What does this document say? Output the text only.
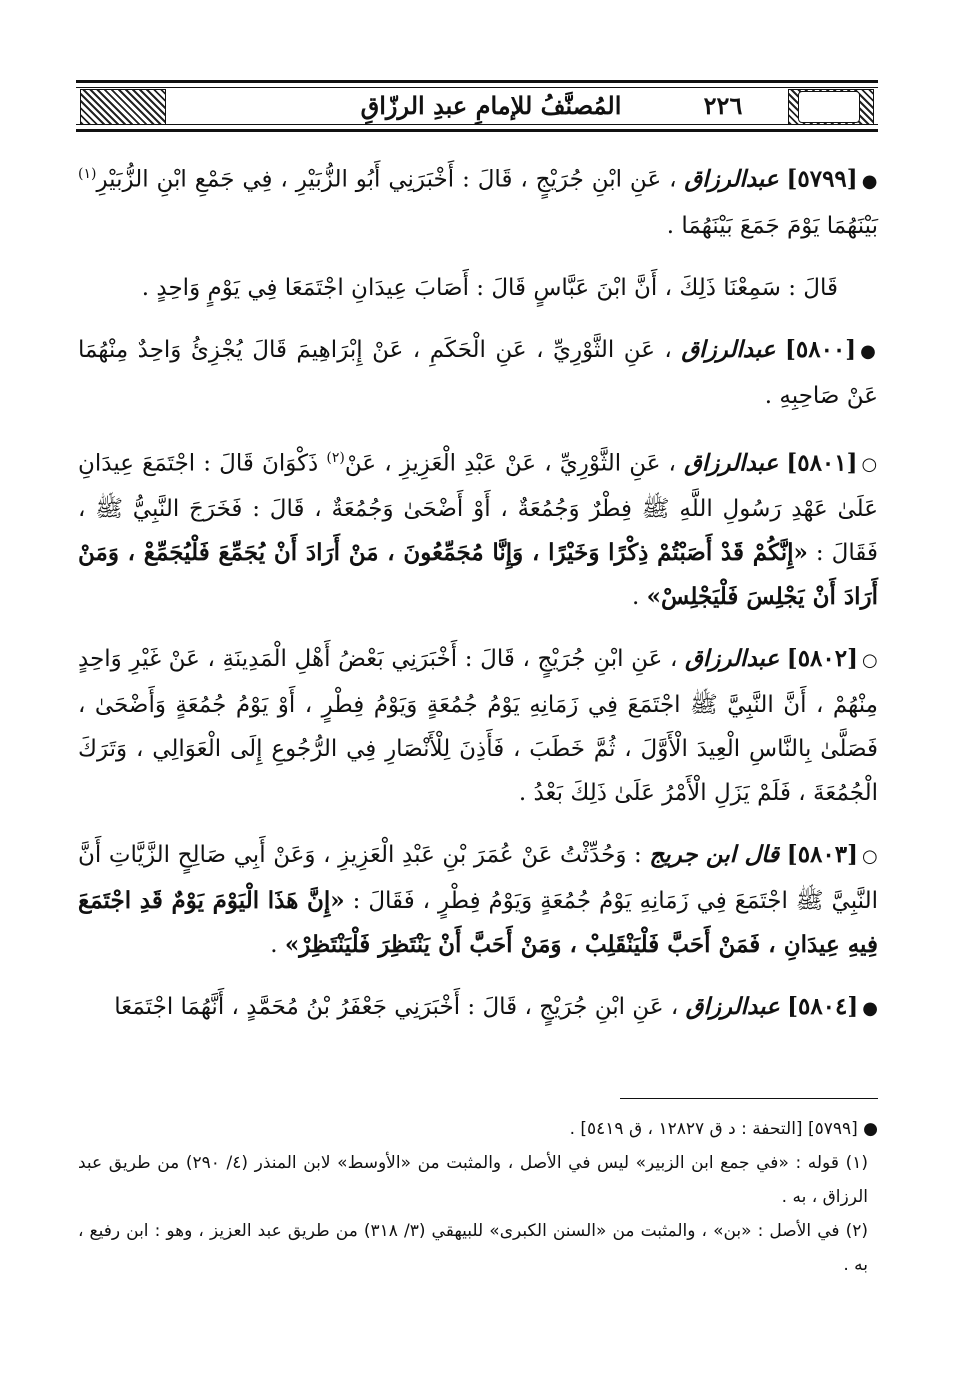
٢٢٦
المُصنَّفُ للإمامِ عبدِ الرزّاقِ

●[٥٧٩٩] عبدالرزاق ، عَنِ ابْنِ جُرَيْجٍ ، قَالَ : أَخْبَرَنِي أَبُو الزُّبَيْرِ ، فِي جَمْعِ ابْنِ الزُّبَيْرِ$^{(١)}$ بَيْنَهُمَا يَوْمَ جَمَعَ بَيْنَهُمَا .

قَالَ : سَمِعْنَا ذَلِكَ ، أَنَّ ابْنَ عَبَّاسٍ قَالَ : أَصَابَ عِيدَانِ اجْتَمَعَا فِي يَوْمٍ وَاحِدٍ .

●[٥٨٠٠] عبدالرزاق ، عَنِ الثَّوْرِيِّ ، عَنِ الْحَكَمِ ، عَنْ إِبْرَاهِيمَ قَالَ يُجْزِئُ وَاحِدٌ مِنْهُمَا عَنْ صَاحِبِهِ .

○[٥٨٠١] عبدالرزاق ، عَنِ الثَّوْرِيِّ ، عَنْ عَبْدِ الْعَزِيزِ ، عَنْ$^{(٢)}$ ذَكْوَانَ قَالَ : اجْتَمَعَ عِيدَانِ عَلَىٰ عَهْدِ رَسُولِ اللَّهِ ﷺ فِطْرٌ وَجُمُعَةٌ ، أَوْ أَضْحَىٰ وَجُمُعَةٌ ، قَالَ : فَخَرَجَ النَّبِيُّ ﷺ ، فَقَالَ : «إِنَّكُمْ قَدْ أَصَبْتُمْ ذِكْرًا وَخَيْرًا ، وَإِنَّا مُجَمِّعُونَ ، مَنْ أَرَادَ أَنْ يُجَمِّعَ فَلْيُجَمِّعْ ، وَمَنْ أَرَادَ أَنْ يَجْلِسَ فَلْيَجْلِسْ» .

○[٥٨٠٢] عبدالرزاق ، عَنِ ابْنِ جُرَيْجٍ ، قَالَ : أَخْبَرَنِي بَعْضُ أَهْلِ الْمَدِينَةِ ، عَنْ غَيْرِ وَاحِدٍ مِنْهُمْ ، أَنَّ النَّبِيَّ ﷺ اجْتَمَعَ فِي زَمَانِهِ يَوْمُ جُمُعَةٍ وَيَوْمُ فِطْرٍ ، أَوْ يَوْمُ جُمُعَةٍ وَأَضْحَىٰ ، فَصَلَّىٰ بِالنَّاسِ الْعِيدَ الْأَوَّلَ ، ثُمَّ خَطَبَ ، فَأَذِنَ لِلْأَنْصَارِ فِي الرُّجُوعِ إِلَى الْعَوَالِي ، وَتَرَكَ الْجُمُعَةَ ، فَلَمْ يَزَلِ الْأَمْرُ عَلَىٰ ذَلِكَ بَعْدُ .

○[٥٨٠٣] قال ابن جريج : وَحُدِّثْتُ عَنْ عُمَرَ بْنِ عَبْدِ الْعَزِيزِ ، وَعَنْ أَبِي صَالِحٍ الزَّيَّاتِ أَنَّ النَّبِيَّ ﷺ اجْتَمَعَ فِي زَمَانِهِ يَوْمُ جُمُعَةٍ وَيَوْمُ فِطْرٍ ، فَقَالَ : «إِنَّ هَذَا الْيَوْمَ يَوْمٌ قَدِ اجْتَمَعَ فِيهِ عِيدَانِ ، فَمَنْ أَحَبَّ فَلْيَنْقَلِبْ ، وَمَنْ أَحَبَّ أَنْ يَنْتَظِرَ فَلْيَنْتَظِرْ» .

●[٥٨٠٤] عبدالرزاق ، عَنِ ابْنِ جُرَيْجٍ ، قَالَ : أَخْبَرَنِي جَعْفَرُ بْنُ مُحَمَّدٍ ، أَنَّهُمَا اجْتَمَعَا

● [٥٧٩٩] [التحفة : د ق ١٢٨٢٧ ، ق ٥٤١٩] .

(١) قوله : «في جمع ابن الزبير» ليس في الأصل ، والمثبت من «الأوسط» لابن المنذر (٤/ ٢٩٠) من طريق عبد الرزاق ، به .

(٢) في الأصل : «بن» ، والمثبت من «السنن الكبرى» للبيهقي (٣/ ٣١٨) من طريق عبد العزيز ، وهو : ابن رفيع ، به .
